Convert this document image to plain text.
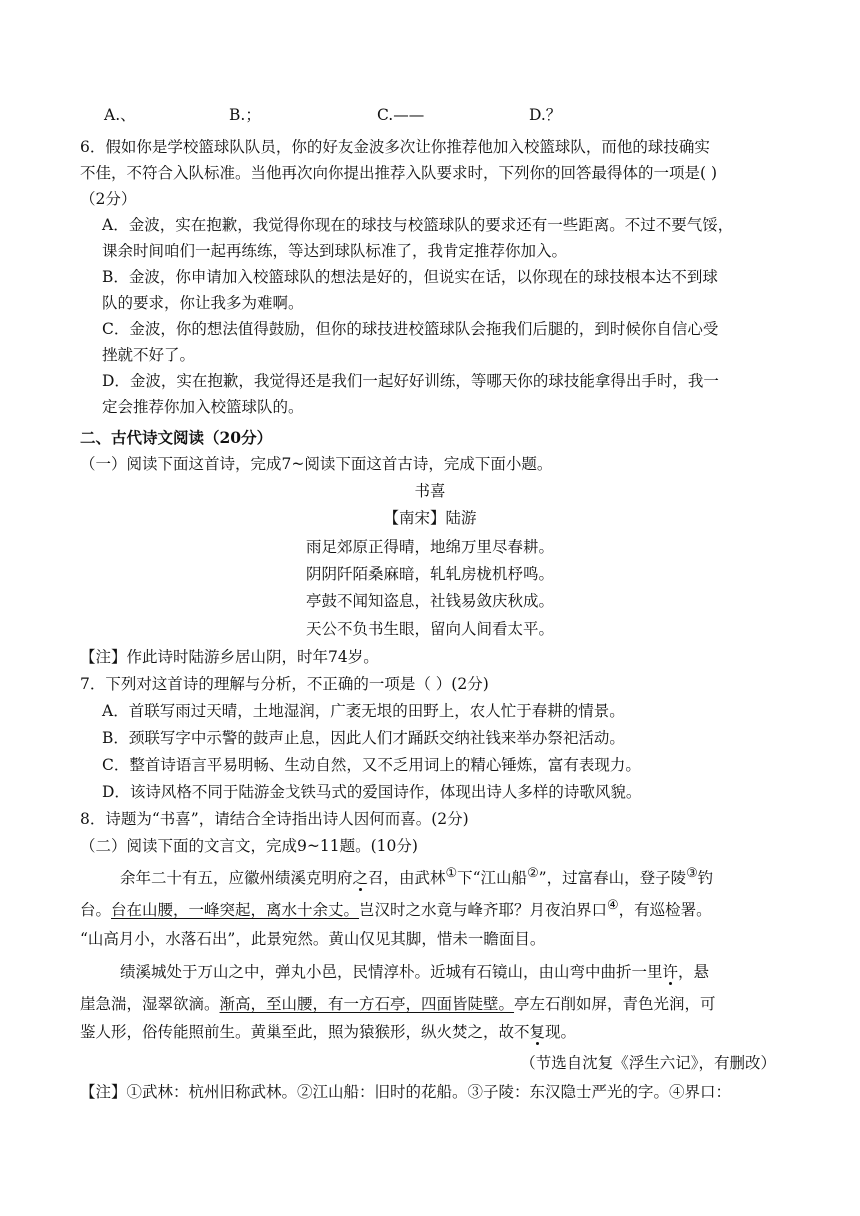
A.、	B.；	C.——	D.？
6．假如你是学校篮球队队员，你的好友金波多次让你推荐他加入校篮球队，而他的球技确实
不佳，不符合入队标准。当他再次向你提出推荐入队要求时，下列你的回答最得体的一项是( )
（2分）
A．金波，实在抱歉，我觉得你现在的球技与校篮球队的要求还有一些距离。不过不要气馁，
课余时间咱们一起再练练，等达到球队标准了，我肯定推荐你加入。
B．金波，你申请加入校篮球队的想法是好的，但说实在话，以你现在的球技根本达不到球
队的要求，你让我多为难啊。
C．金波，你的想法值得鼓励，但你的球技进校篮球队会拖我们后腿的，到时候你自信心受
挫就不好了。
D．金波，实在抱歉，我觉得还是我们一起好好训练，等哪天你的球技能拿得出手时，我一
定会推荐你加入校篮球队的。
二、古代诗文阅读（20分）
（一）阅读下面这首诗，完成7~阅读下面这首古诗，完成下面小题。
书喜
【南宋】陆游
雨足郊原正得晴，地绵万里尽春耕。
阴阴阡陌桑麻暗，轧轧房栊机杼鸣。
亭鼓不闻知盗息，社钱易敛庆秋成。
天公不负书生眼，留向人间看太平。
【注】作此诗时陆游乡居山阴，时年74岁。
7．下列对这首诗的理解与分析，不正确的一项是（ ）(2分)
A．首联写雨过天晴，土地湿润，广袤无垠的田野上，农人忙于春耕的情景。
B．颈联写字中示警的鼓声止息，因此人们才踊跃交纳社钱来举办祭祀活动。
C．整首诗语言平易明畅、生动自然，又不乏用词上的精心锤炼，富有表现力。
D．该诗风格不同于陆游金戈铁马式的爱国诗作，体现出诗人多样的诗歌风貌。
8．诗题为“书喜”，请结合全诗指出诗人因何而喜。(2分)
（二）阅读下面的文言文，完成9~11题。(10分)
余年二十有五，应徽州绩溪克明府之召，由武林①下“江山船②”，过富春山，登子陵③钓
台。台在山腰，一峰突起，离水十余丈。岂汉时之水竟与峰齐耶？月夜泊界口④，有巡检署。
“山高月小，水落石出”，此景宛然。黄山仅见其脚，惜未一瞻面目。
绩溪城处于万山之中，弹丸小邑，民情淳朴。近城有石镜山，由山弯中曲折一里许，悬
崖急湍，湿翠欲滴。渐高，至山腰，有一方石亭，四面皆陡壁。亭左石削如屏，青色光润，可
鉴人形，俗传能照前生。黄巢至此，照为猿猴形，纵火焚之，故不复现。
（节选自沈复《浮生六记》，有删改）
【注】①武林：杭州旧称武林。②江山船：旧时的花船。③子陵：东汉隐士严光的字。④界口：
